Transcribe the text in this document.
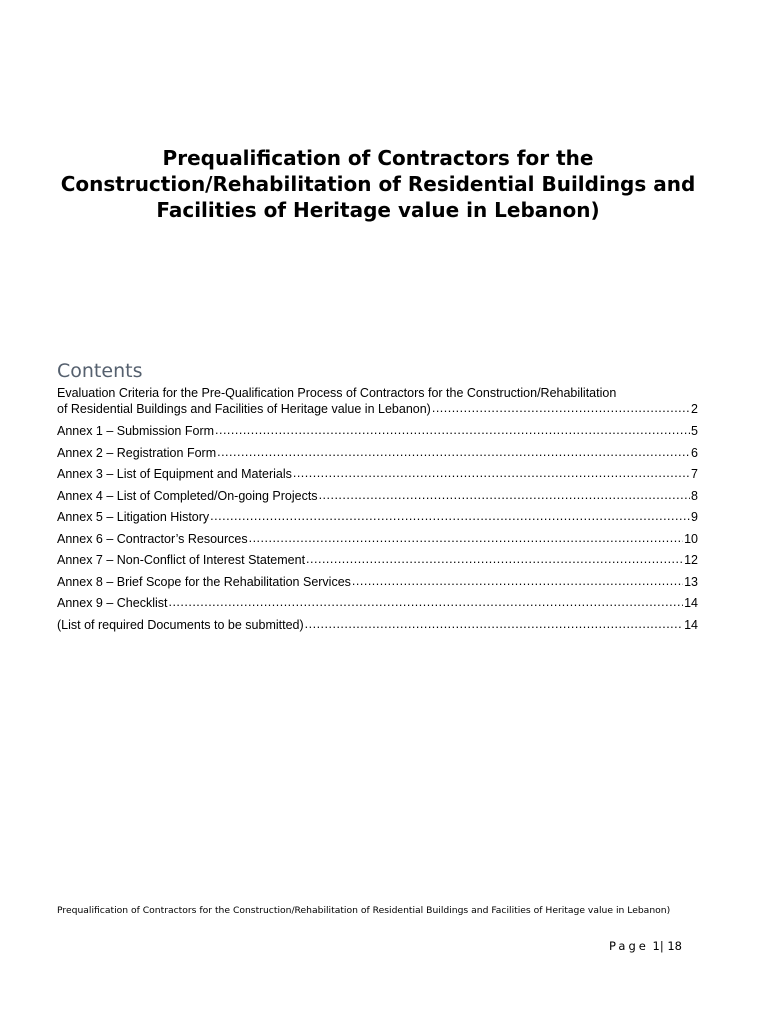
Prequalification of Contractors for the Construction/Rehabilitation of Residential Buildings and Facilities of Heritage value in Lebanon)
Contents
Evaluation Criteria for the Pre-Qualification Process of Contractors for the Construction/Rehabilitation
of Residential Buildings and Facilities of Heritage value in Lebanon) .....	2
Annex 1 – Submission Form .....	5
Annex 2 – Registration Form .....	6
Annex 3 – List of Equipment and Materials .....	7
Annex 4 – List of Completed/On-going Projects .....	8
Annex 5 – Litigation History .....	9
Annex 6 – Contractor’s Resources .....	10
Annex 7 – Non-Conflict of Interest Statement .....	12
Annex 8 – Brief Scope for the Rehabilitation Services .....	13
Annex 9 – Checklist .....	14
(List of required Documents to be submitted) .....	14

Prequalification of Contractors for the Construction/Rehabilitation of Residential Buildings and Facilities of Heritage value in Lebanon)

Page 1| 18
